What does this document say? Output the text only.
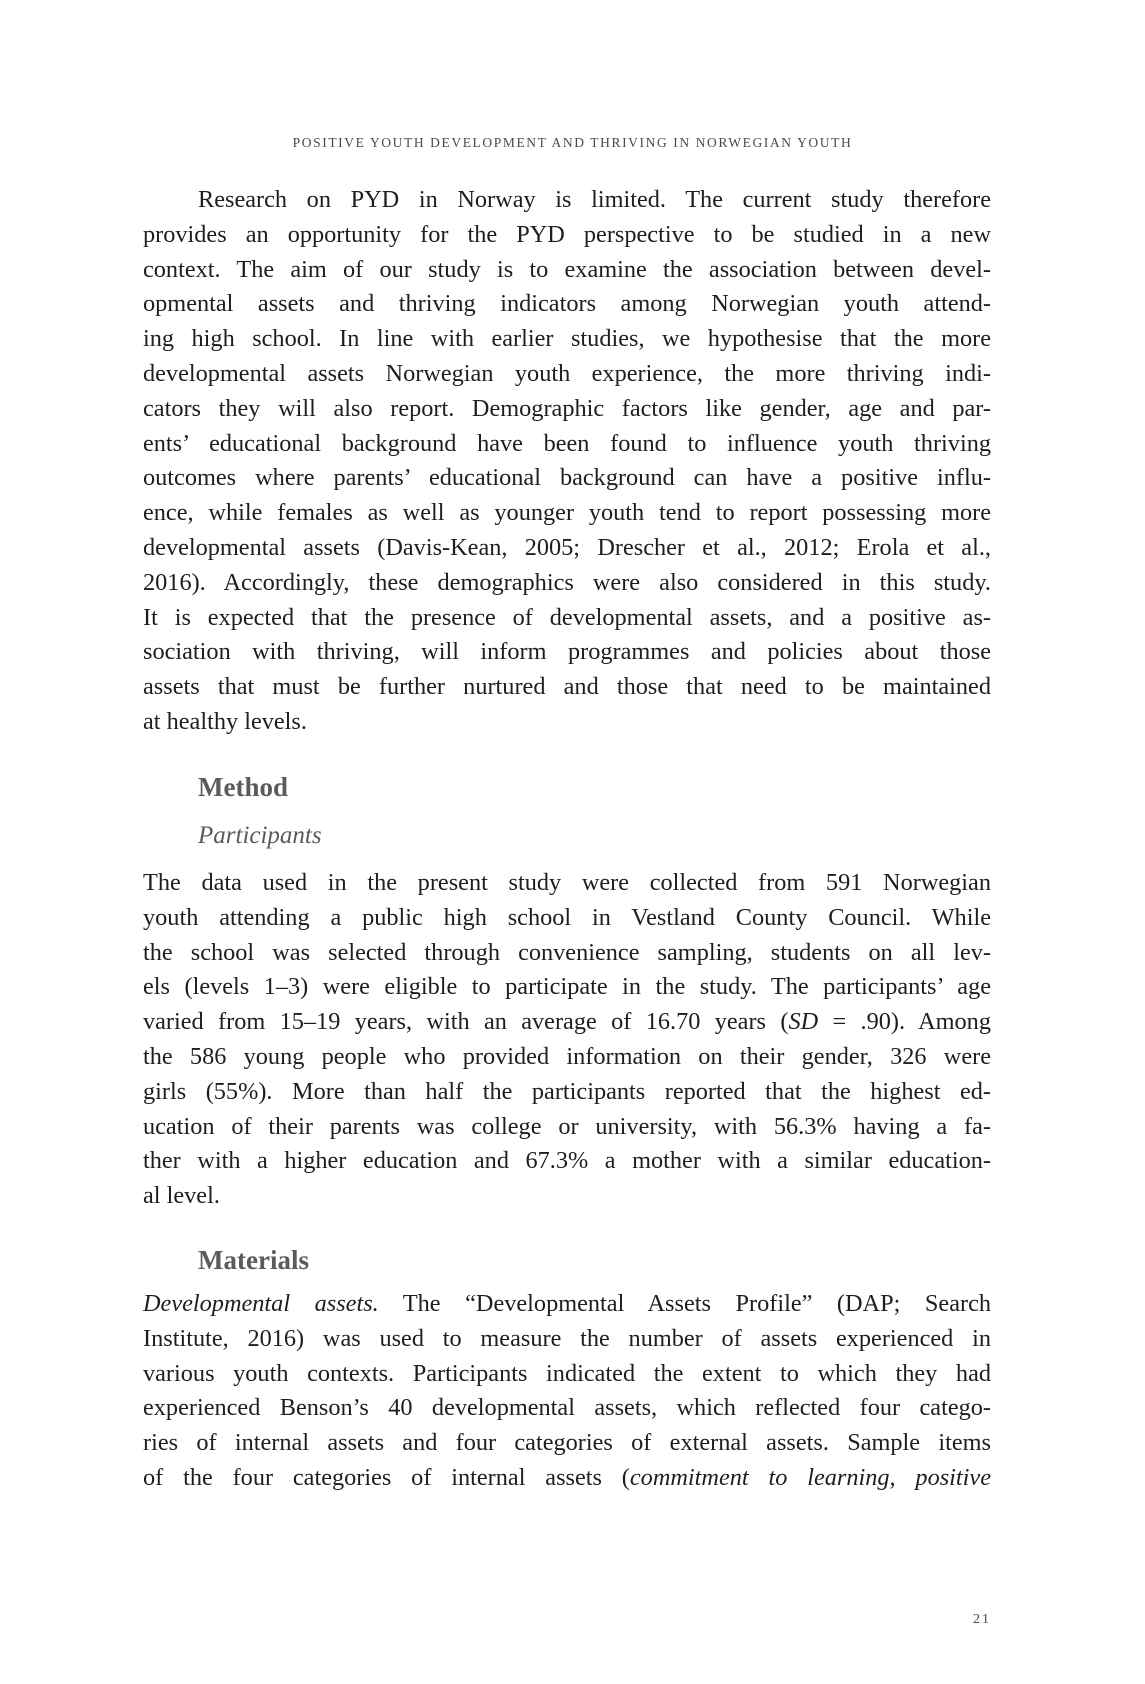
POSITIVE YOUTH DEVELOPMENT AND THRIVING IN NORWEGIAN YOUTH

Research on PYD in Norway is limited. The current study therefore

provides an opportunity for the PYD perspective to be studied in a new

context. The aim of our study is to examine the association between devel-

opmental assets and thriving indicators among Norwegian youth attend-

ing high school. In line with earlier studies, we hypothesise that the more

developmental assets Norwegian youth experience, the more thriving indi-

cators they will also report. Demographic factors like gender, age and par-

ents’ educational background have been found to influence youth thriving

outcomes where parents’ educational background can have a positive influ-

ence, while females as well as younger youth tend to report possessing more

developmental assets (Davis-Kean, 2005; Drescher et al., 2012; Erola et al.,

2016). Accordingly, these demographics were also considered in this study.

It is expected that the presence of developmental assets, and a positive as-

sociation with thriving, will inform programmes and policies about those

assets that must be further nurtured and those that need to be maintained

at healthy levels.

Method
Participants

The data used in the present study were collected from 591 Norwegian

youth attending a public high school in Vestland County Council. While

the school was selected through convenience sampling, students on all lev-

els (levels 1–3) were eligible to participate in the study. The participants’ age

varied from 15–19 years, with an average of 16.70 years (SD = .90). Among

the 586 young people who provided information on their gender, 326 were

girls (55%). More than half the participants reported that the highest ed-

ucation of their parents was college or university, with 56.3% having a fa-

ther with a higher education and 67.3% a mother with a similar education-

al level.

Materials

Developmental assets. The “Developmental Assets Profile” (DAP; Search

Institute, 2016) was used to measure the number of assets experienced in

various youth contexts. Participants indicated the extent to which they had

experienced Benson’s 40 developmental assets, which reflected four catego-

ries of internal assets and four categories of external assets. Sample items

of the four categories of internal assets (commitment to learning, positive

21
